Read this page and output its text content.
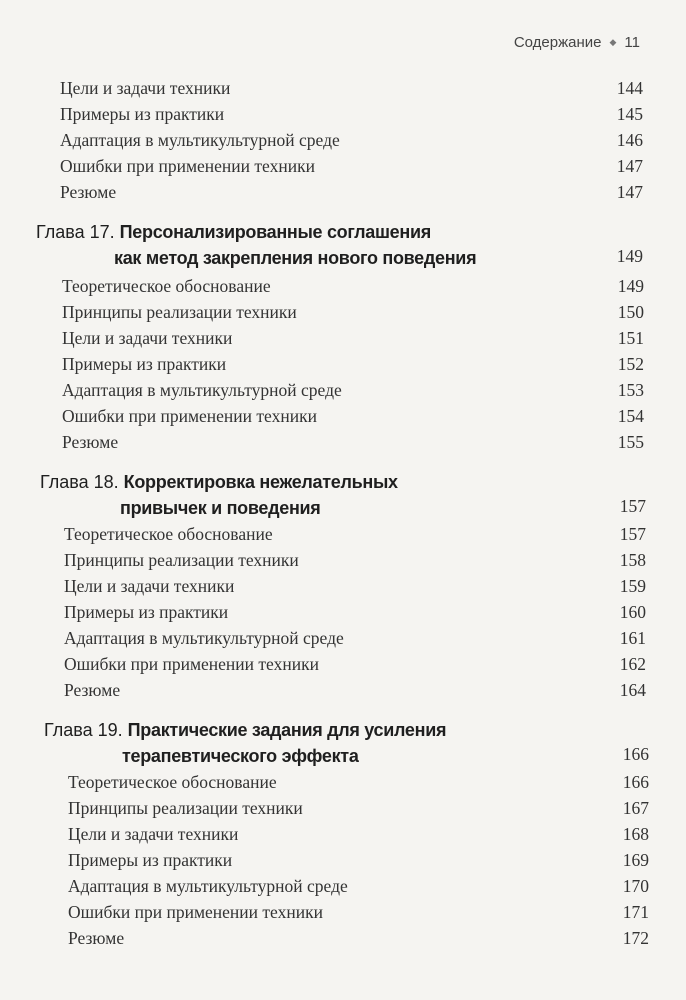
Содержание ◆ 11
Цели и задачи техники	144
Примеры из практики	145
Адаптация в мультикультурной среде	146
Ошибки при применении техники	147
Резюме	147
Глава 17. Персонализированные соглашения
как метод закрепления нового поведения	149
Теоретическое обоснование	149
Принципы реализации техники	150
Цели и задачи техники	151
Примеры из практики	152
Адаптация в мультикультурной среде	153
Ошибки при применении техники	154
Резюме	155
Глава 18. Корректировка нежелательных
привычек и поведения	157
Теоретическое обоснование	157
Принципы реализации техники	158
Цели и задачи техники	159
Примеры из практики	160
Адаптация в мультикультурной среде	161
Ошибки при применении техники	162
Резюме	164
Глава 19. Практические задания для усиления
терапевтического эффекта	166
Теоретическое обоснование	166
Принципы реализации техники	167
Цели и задачи техники	168
Примеры из практики	169
Адаптация в мультикультурной среде	170
Ошибки при применении техники	171
Резюме	172
